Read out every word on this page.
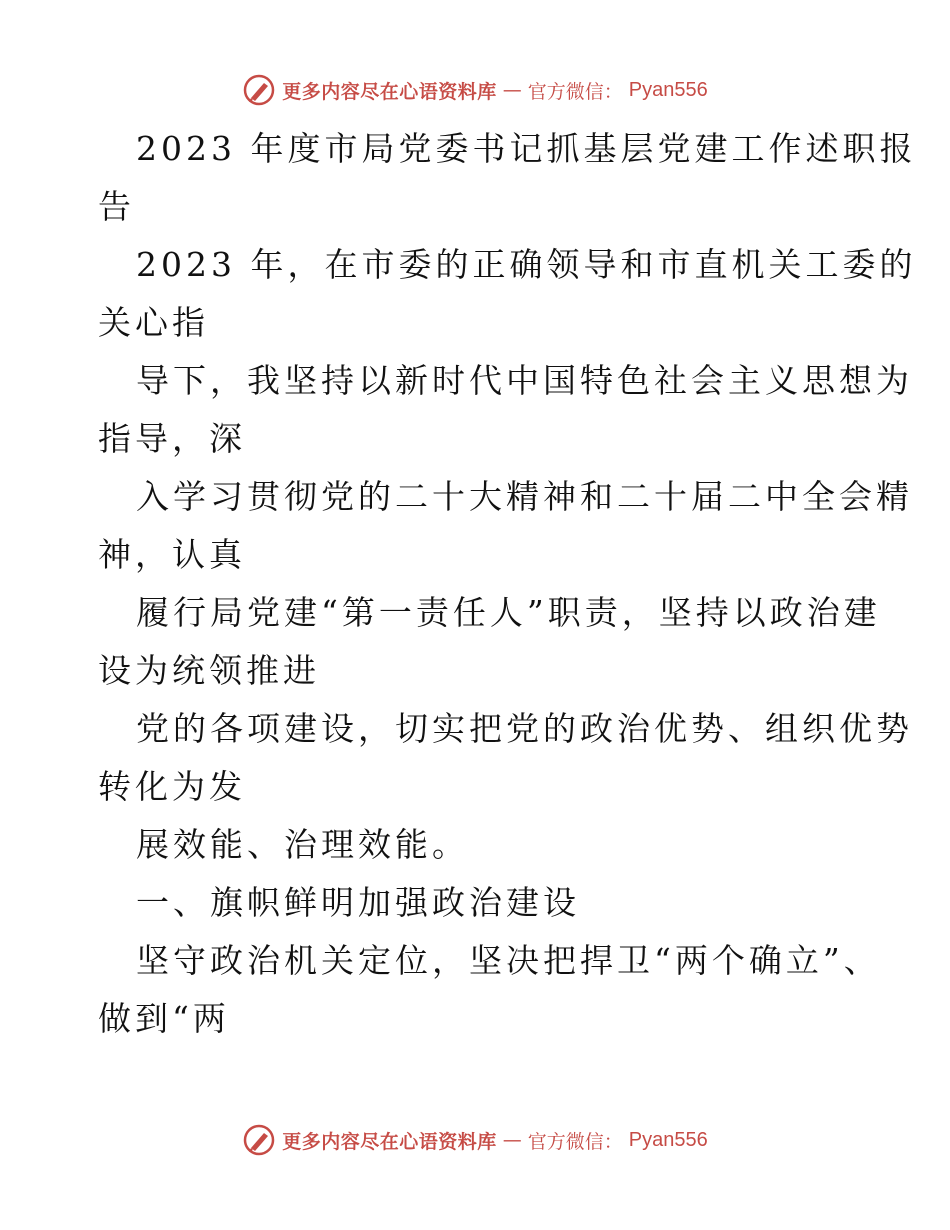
更多内容尽在心语资料库 — 官方微信： Pyan556
2023 年度市局党委书记抓基层党建工作述职报
告
2023 年，在市委的正确领导和市直机关工委的
关心指
导下，我坚持以新时代中国特色社会主义思想为
指导，深
入学习贯彻党的二十大精神和二十届二中全会精
神，认真
履行局党建“第一责任人”职责，坚持以政治建
设为统领推进
党的各项建设，切实把党的政治优势、组织优势
转化为发
展效能、治理效能。
一、旗帜鲜明加强政治建设
坚守政治机关定位，坚决把捍卫“两个确立”、
做到“两
更多内容尽在心语资料库 — 官方微信： Pyan556
